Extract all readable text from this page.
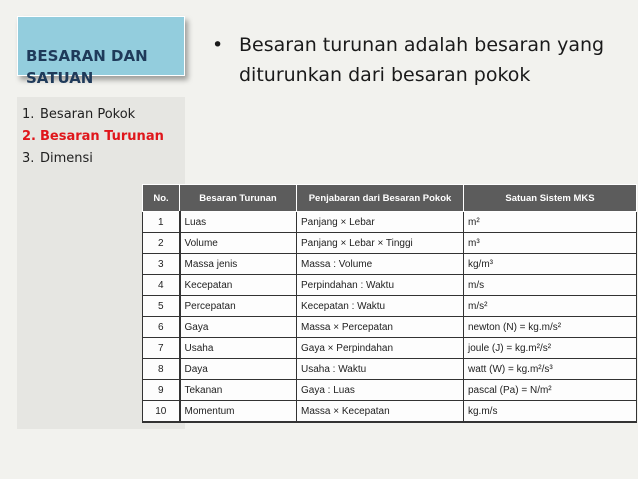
BESARAN DAN
SATUAN

1. Besaran Pokok
2. Besaran Turunan
3. Dimensi
• Besaran turunan adalah besaran yang diturunkan dari besaran pokok
No.	Besaran Turunan	Penjabaran dari Besaran Pokok	Satuan Sistem MKS
1	Luas	Panjang × Lebar	m²
2	Volume	Panjang × Lebar × Tinggi	m³
3	Massa jenis	Massa : Volume	kg/m³
4	Kecepatan	Perpindahan : Waktu	m/s
5	Percepatan	Kecepatan : Waktu	m/s²
6	Gaya	Massa × Percepatan	newton (N) = kg.m/s²
7	Usaha	Gaya × Perpindahan	joule (J) = kg.m²/s²
8	Daya	Usaha : Waktu	watt (W) = kg.m²/s³
9	Tekanan	Gaya : Luas	pascal (Pa) = N/m²
10	Momentum	Massa × Kecepatan	kg.m/s
